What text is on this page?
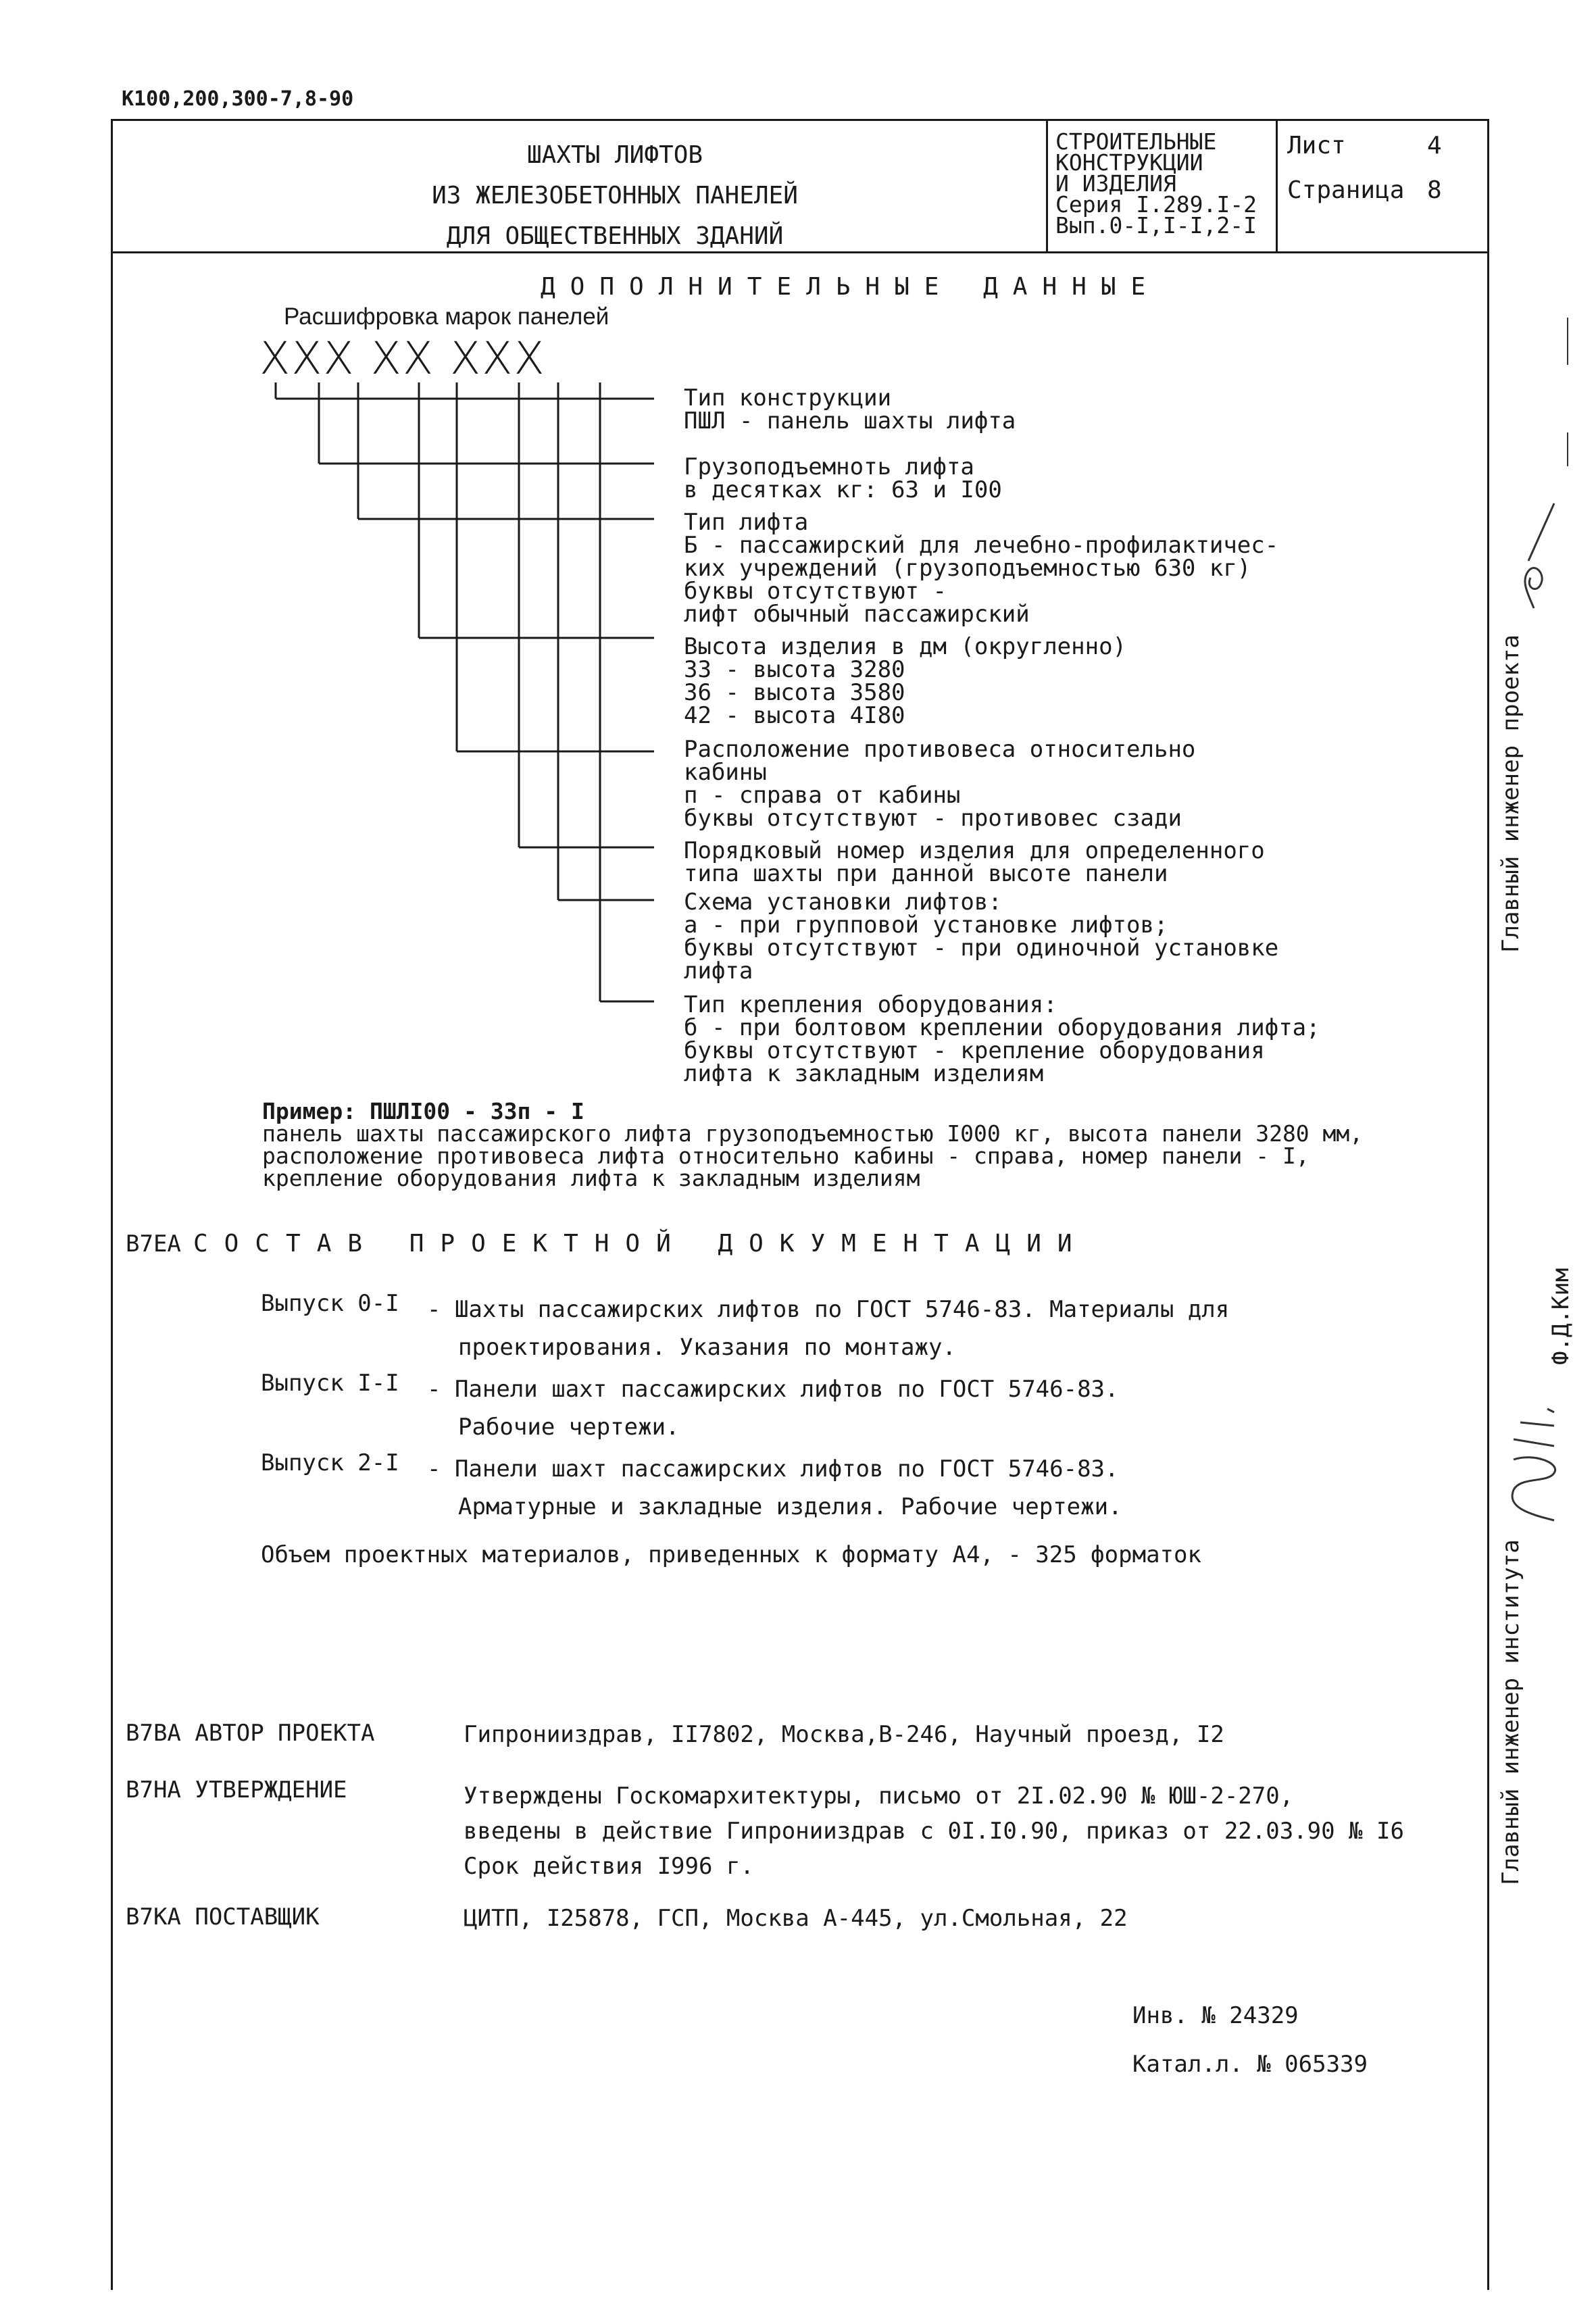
К100,200,300-7,8-90
ШАХТЫ ЛИФТОВ
ИЗ ЖЕЛЕЗОБЕТОННЫХ ПАНЕЛЕЙ
ДЛЯ ОБЩЕСТВЕННЫХ ЗДАНИЙ
СТРОИТЕЛЬНЫЕ
КОНСТРУКЦИИ
И ИЗДЕЛИЯ
Серия I.289.I-2
Вып.0-I,I-I,2-I
Лист	4
Страница 8
ДОПОЛНИТЕЛЬНЫЕ ДАННЫЕ
Расшифровка марок панелей
ХХХ ХХ ХХХ
Тип конструкции
ПШЛ - панель шахты лифта
Грузоподъемноть лифта
в десятках кг: 63 и I00
Тип лифта
Б - пассажирский для лечебно-профилактичес-
ких учреждений (грузоподъемностью 630 кг)
буквы отсутствуют -
лифт обычный пассажирский
Высота изделия в дм (округленно)
33 - высота 3280
36 - высота 3580
42 - высота 4I80
Расположение противовеса относительно
кабины
п - справа от кабины
буквы отсутствуют - противовес сзади
Порядковый номер изделия для определенного
типа шахты при данной высоте панели
Схема установки лифтов:
а - при групповой установке лифтов;
буквы отсутствуют - при одиночной установке
лифта
Тип крепления оборудования:
б - при болтовом креплении оборудования лифта;
буквы отсутствуют - крепление оборудования
лифта к закладным изделиям
Пример: ПШЛI00 - 33п - I
панель шахты пассажирского лифта грузоподъемностью I000 кг, высота панели 3280 мм,
расположение противовеса лифта относительно кабины - справа, номер панели - I,
крепление оборудования лифта к закладным изделиям
В7ЕА СОСТАВ ПРОЕКТНОЙ ДОКУМЕНТАЦИИ
Выпуск 0-I - Шахты пассажирских лифтов по ГОСТ 5746-83. Материалы для
проектирования. Указания по монтажу.
Выпуск I-I - Панели шахт пассажирских лифтов по ГОСТ 5746-83.
Рабочие чертежи.
Выпуск 2-I - Панели шахт пассажирских лифтов по ГОСТ 5746-83.
Арматурные и закладные изделия. Рабочие чертежи.
Объем проектных материалов, приведенных к формату А4, - 325 форматок
В7ВА АВТОР ПРОЕКТА	Гипронииздрав, II7802, Москва,В-246, Научный проезд, I2
В7НА УТВЕРЖДЕНИЕ	Утверждены Госкомархитектуры, письмо от 2I.02.90 № ЮШ-2-270,
введены в действие Гипронииздрав с 0I.I0.90, приказ от 22.03.90 № I6
Срок действия I996 г.
В7КА ПОСТАВЩИК	ЦИТП, I25878, ГСП, Москва А-445, ул.Смольная, 22
Инв. № 24329
Катал.л. № 065339
Главный инженер проекта
Главный инженер института
Ф.Д.Ким
